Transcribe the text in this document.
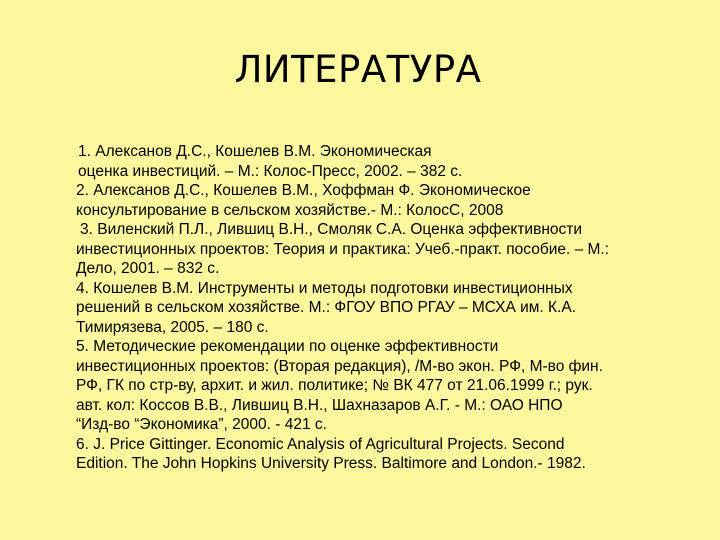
ЛИТЕРАТУРА
1. Алексанов Д.С., Кошелев В.М. Экономическая
оценка инвестиций. – М.: Колос-Пресс, 2002. – 382 с.
2. Алексанов Д.С., Кошелев В.М., Хоффман Ф. Экономическое
консультирование в сельском хозяйстве.- М.: КолосС, 2008
3. Виленский П.Л., Лившиц В.Н., Смоляк С.А. Оценка эффективности
инвестиционных проектов: Теория и практика: Учеб.-практ. пособие. – М.:
Дело, 2001. – 832 с.
4. Кошелев В.М. Инструменты и методы подготовки инвестиционных
решений в сельском хозяйстве. М.: ФГОУ ВПО РГАУ – МСХА им. К.А.
Тимирязева, 2005. – 180 с.
5. Методические рекомендации по оценке эффективности
инвестиционных проектов: (Вторая редакция), /М-во экон. РФ, М-во фин.
РФ, ГК по стр-ву, архит. и жил. политике; № ВК 477 от 21.06.1999 г.; рук.
авт. кол: Коссов В.В., Лившиц В.Н., Шахназаров А.Г. - М.: ОАО НПО
“Изд-во “Экономика”, 2000. - 421 с.
6. J. Price Gittinger. Economic Analysis of Agricultural Projects. Second
Edition. The John Hopkins University Press. Baltimore and London.- 1982.
